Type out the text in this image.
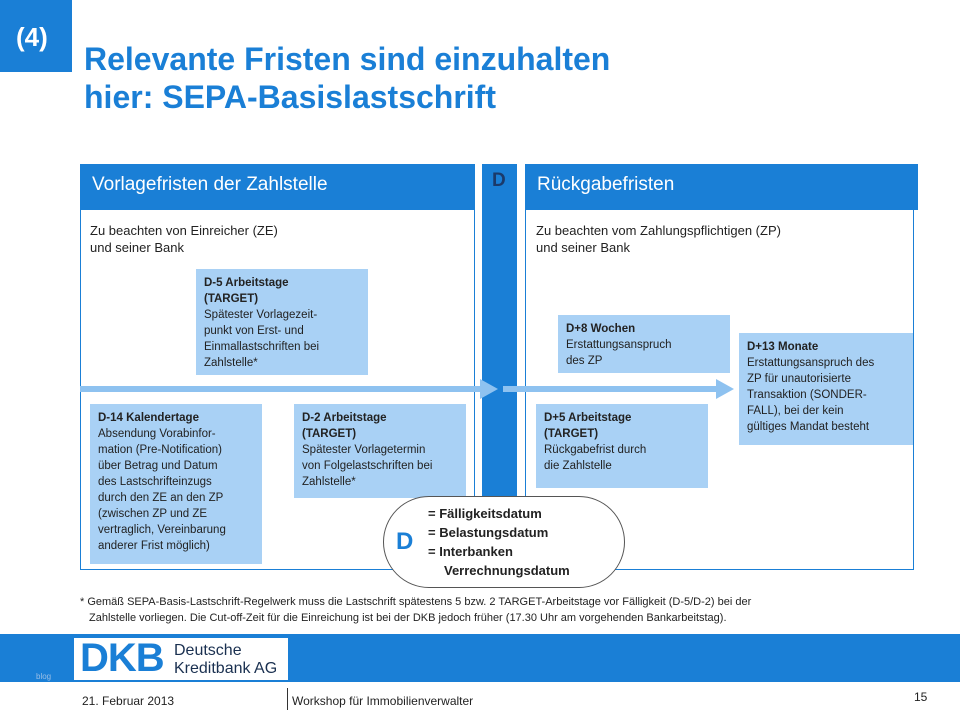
(4)
Relevante Fristen sind einzuhalten
hier: SEPA-Basislastschrift
Vorlagefristen der Zahlstelle
Zu beachten von Einreicher (ZE)
und seiner Bank
Rückgabefristen
Zu beachten vom Zahlungspflichtigen (ZP)
und seiner Bank
D
D-5 Arbeitstage
(TARGET)
Spätester Vorlagezeit-
punkt von Erst- und
Einmallastschriften bei
Zahlstelle*
D-14 Kalendertage
Absendung Vorabinfor-
mation (Pre-Notification)
über Betrag und Datum
des Lastschrifteinzugs
durch den ZE an den ZP
(zwischen ZP und ZE
vertraglich, Vereinbarung
anderer Frist möglich)
D-2 Arbeitstage
(TARGET)
Spätester Vorlagetermin
von Folgelastschriften bei
Zahlstelle*
D+8 Wochen
Erstattungsanspruch
des ZP
D+5 Arbeitstage
(TARGET)
Rückgabefrist durch
die Zahlstelle
D+13 Monate
Erstattungsanspruch des
ZP für unautorisierte
Transaktion (SONDER-
FALL), bei der kein
gültiges Mandat besteht
D
= Fälligkeitsdatum
= Belastungsdatum
= Interbanken
Verrechnungsdatum
* Gemäß SEPA-Basis-Lastschrift-Regelwerk muss die Lastschrift spätestens 5 bzw. 2 TARGET-Arbeitstage vor Fälligkeit (D-5/D-2) bei der
Zahlstelle vorliegen. Die Cut-off-Zeit für die Einreichung ist bei der DKB jedoch früher (17.30 Uhr am vorgehenden Bankarbeitstag).
DKB Deutsche
Kreditbank AG
blog
21. Februar 2013	Workshop für Immobilienverwalter	15
